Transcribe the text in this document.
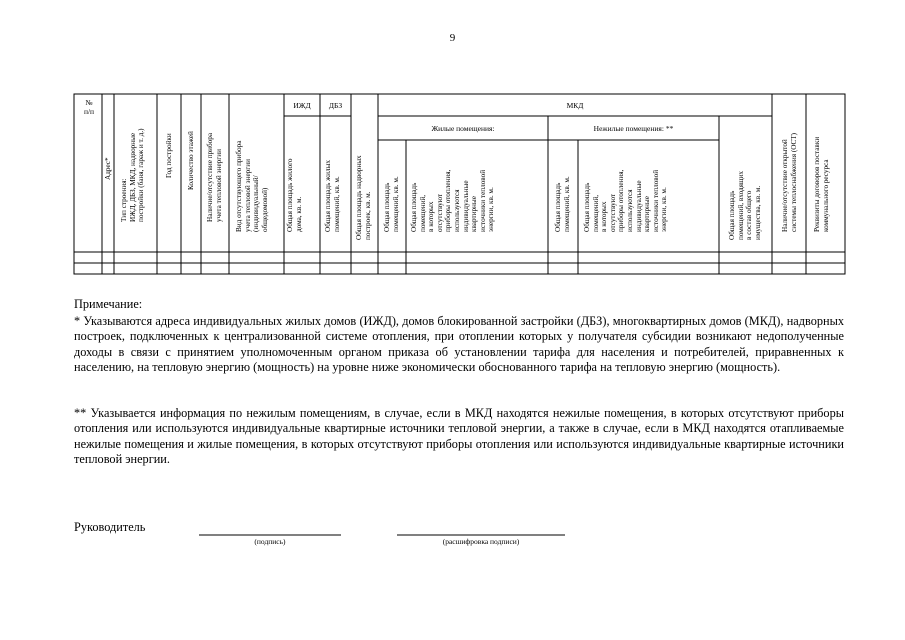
9
№
п/п
Адрес*
Тип строения:
ИЖД, ДБЗ, МКД, надворные
постройки (баня, гараж и т. д.)
Год постройки Количество этажей Наличие/отсутствие прибора
учета тепловой энергии
Вид отсутствующего прибора
учета тепловой энергии
(индивидуальный/
общедомовой)
ИЖД
Общая площадь жилого
дома, кв. м.
ДБЗ
Общая площадь жилых
помещений, кв. м.
Общая площадь надворных
построек, кв. м.
МКД
Жилые помещения:
Общая площадь
помещений, кв. м.
Общая площадь
помещений,
в которых
отсутствуют
приборы отопления,
используются
индивидуальные
квартирные
источники тепловой
энергии, кв. м.
Нежилые помещения: **
Общая площадь
помещений, кв. м.
Общая площадь
помещений,
в которых
отсутствуют
приборы отопления,
используются
индивидуальные
квартирные
источники тепловой
энергии, кв. м.
Общая площадь
помещений, входящих
в состав общего
имущества, кв. м.	Наличие/отсутствие открытой
системы теплоснабжения (ОСТ)
Реквизиты договоров поставки
коммунального ресурса
Примечание:
* Указываются адреса индивидуальных жилых домов (ИЖД), домов блокированной застройки (ДБЗ), многоквартирных домов (МКД), надворных построек, подключенных к централизованной системе отопления, при отоплении которых у получателя субсидии возникают недополученные доходы в связи с принятием уполномоченным органом приказа об установлении тарифа для населения и потребителей, приравненных к населению, на тепловую энергию (мощность) на уровне ниже экономически обоснованного тарифа на тепловую энергию (мощность).
** Указывается информация по нежилым помещениям, в случае, если в МКД находятся нежилые помещения, в которых отсутствуют приборы отопления или используются индивидуальные квартирные источники тепловой энергии, а также в случае, если в МКД находятся отапливаемые нежилые помещения и жилые помещения, в которых отсутствуют приборы отопления или используются индивидуальные квартирные источники тепловой энергии.
Руководитель
(подпись)	(расшифровка подписи)
